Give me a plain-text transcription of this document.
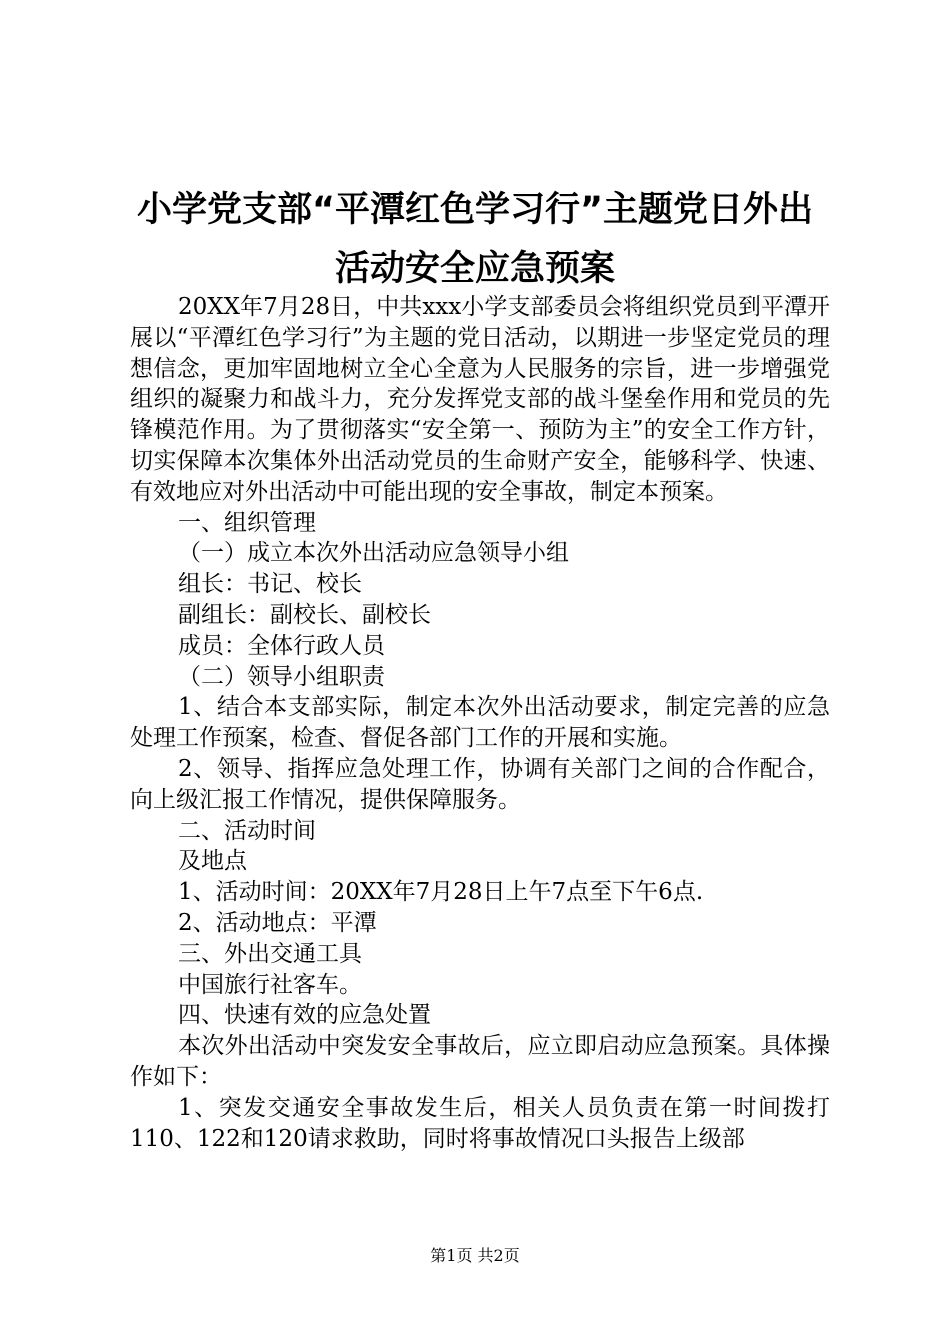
小学党支部“平潭红色学习行”主题党日外出
活动安全应急预案

20XX年7月28日，中共xxx小学支部委员会将组织党员到平潭开展以“平潭红色学习行”为主题的党日活动，以期进一步坚定党员的理想信念，更加牢固地树立全心全意为人民服务的宗旨，进一步增强党组织的凝聚力和战斗力，充分发挥党支部的战斗堡垒作用和党员的先锋模范作用。为了贯彻落实“安全第一、预防为主”的安全工作方针，切实保障本次集体外出活动党员的生命财产安全，能够科学、快速、有效地应对外出活动中可能出现的安全事故，制定本预案。

一、组织管理

（一）成立本次外出活动应急领导小组

组长：书记、校长

副组长：副校长、副校长

成员：全体行政人员

（二）领导小组职责

1、结合本支部实际，制定本次外出活动要求，制定完善的应急处理工作预案，检查、督促各部门工作的开展和实施。

2、领导、指挥应急处理工作，协调有关部门之间的合作配合，向上级汇报工作情况，提供保障服务。

二、活动时间

及地点

1、活动时间：20XX年7月28日上午7点至下午6点.

2、活动地点：平潭

三、外出交通工具

中国旅行社客车。

四、快速有效的应急处置

本次外出活动中突发安全事故后，应立即启动应急预案。具体操作如下：

1、突发交通安全事故发生后，相关人员负责在第一时间拨打110、122和120请求救助，同时将事故情况口头报告上级部

第1页 共2页
